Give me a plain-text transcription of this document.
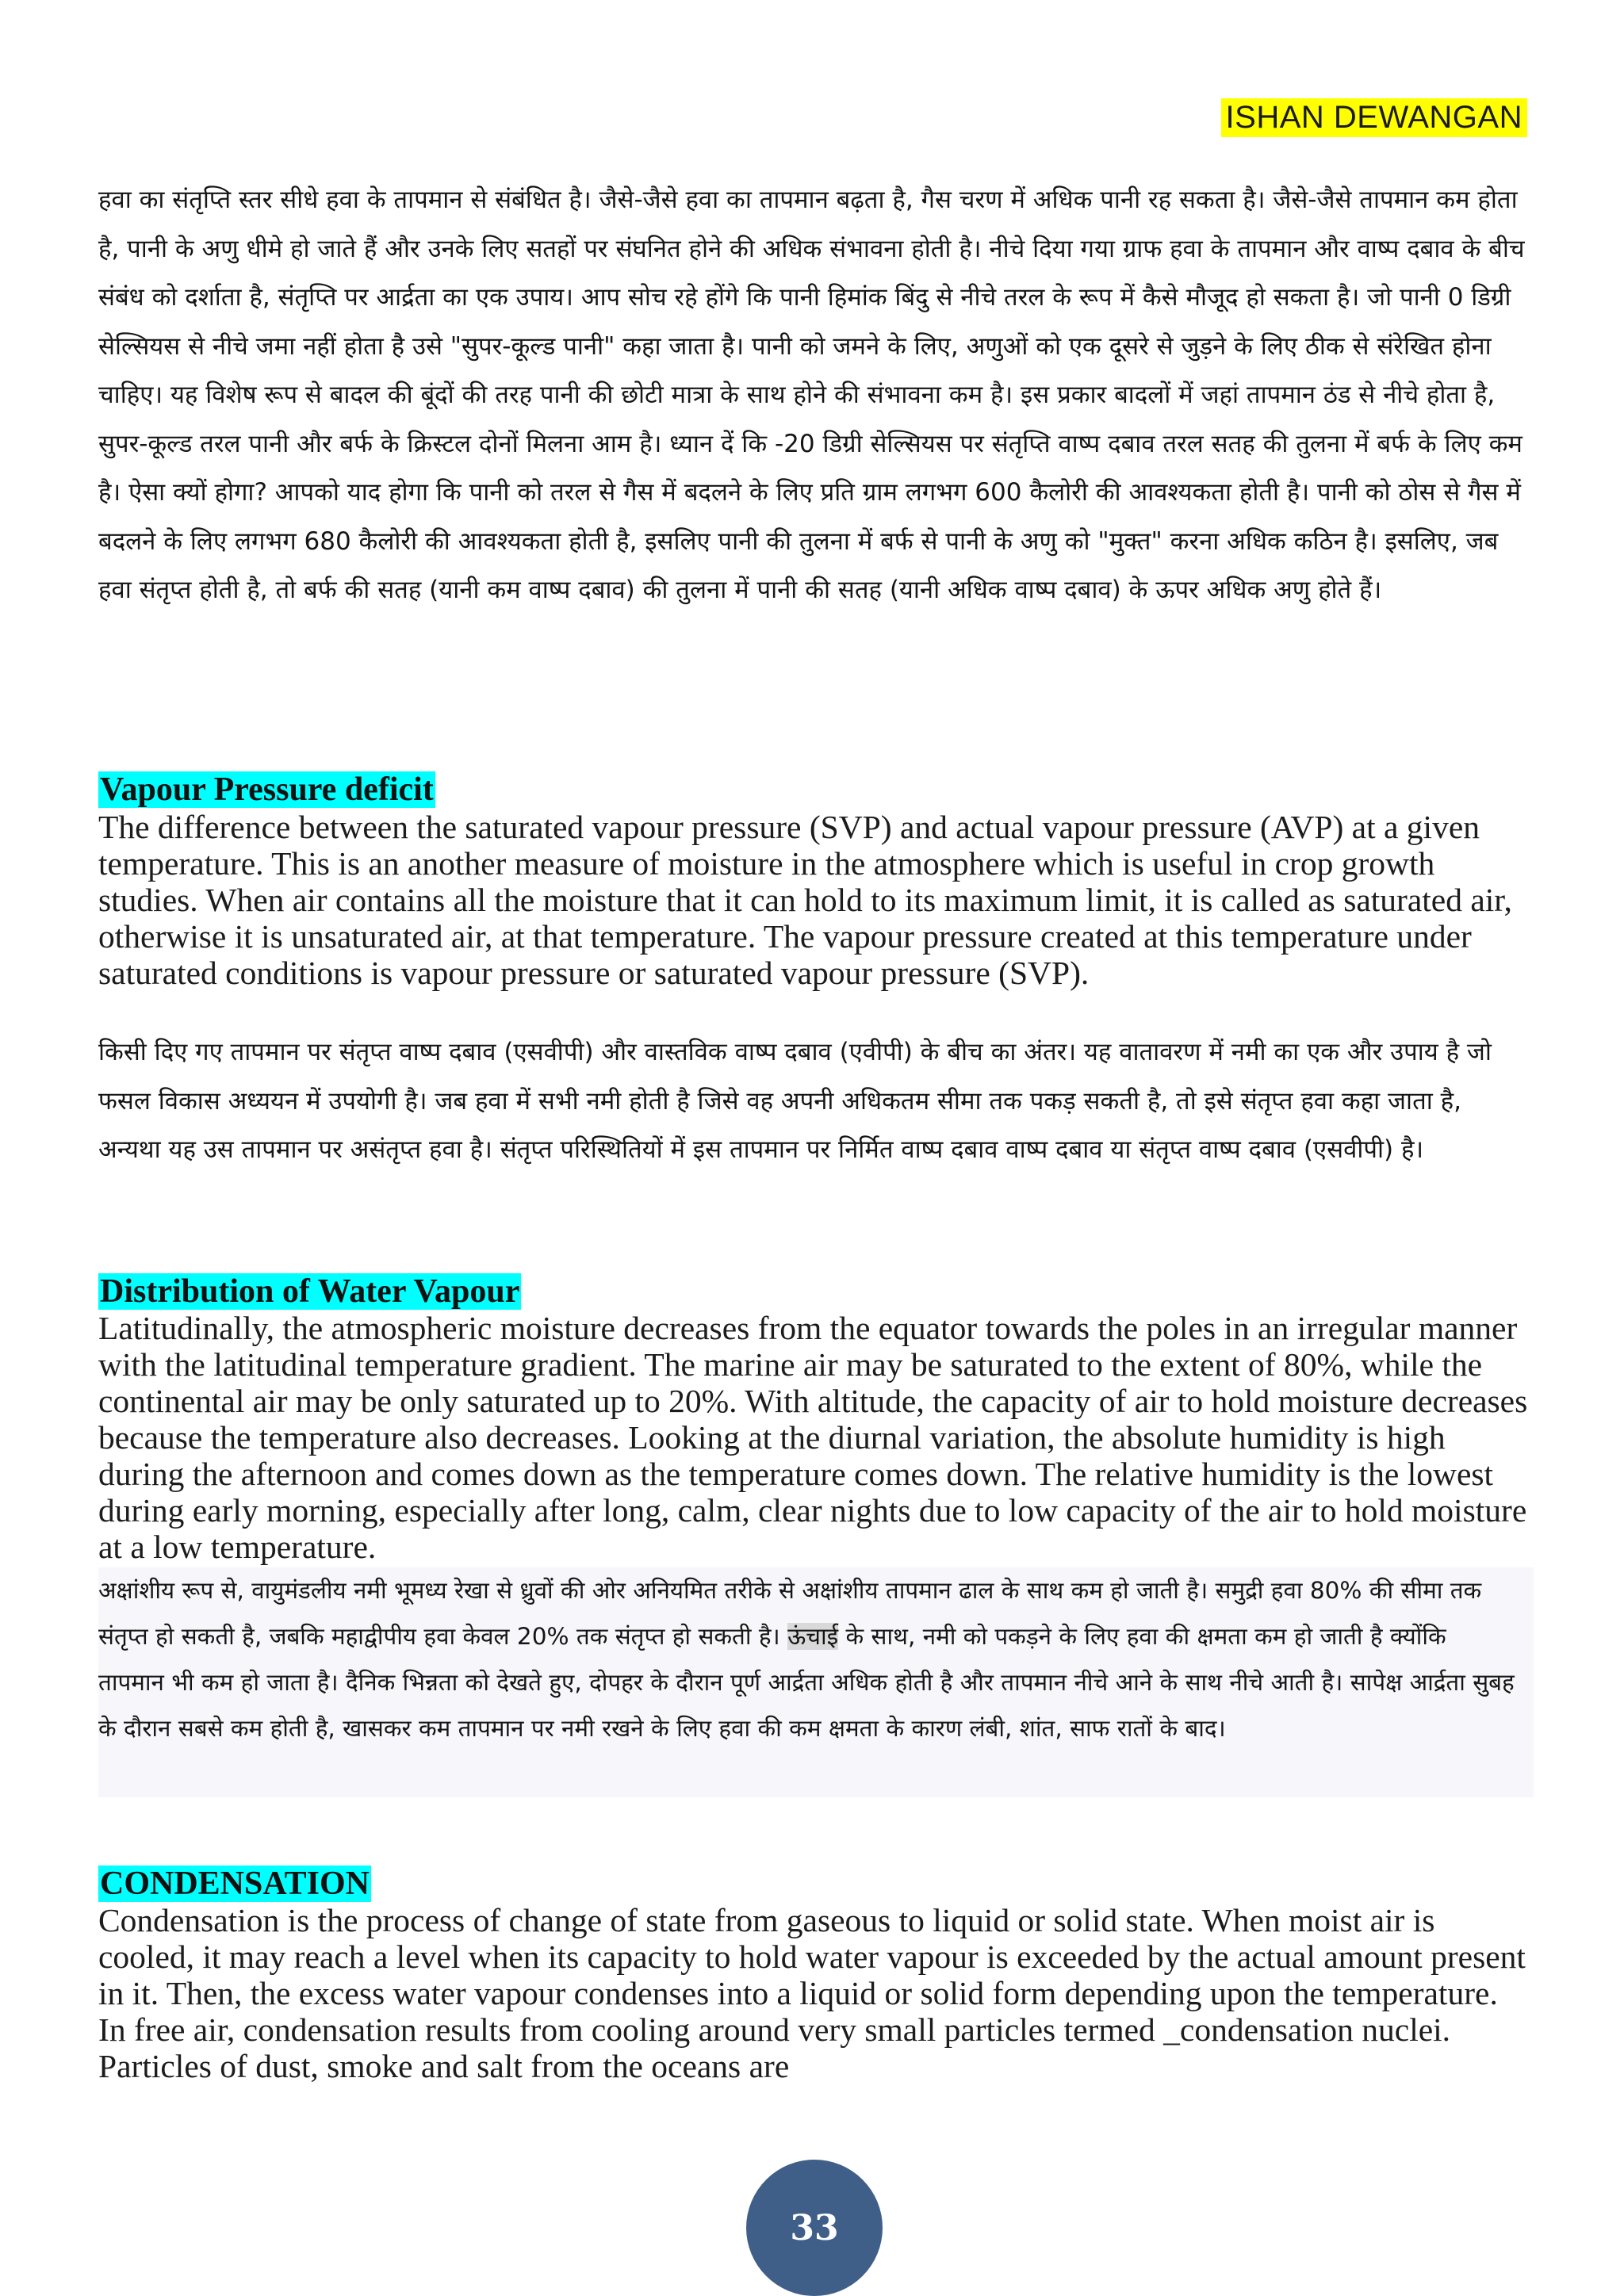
ISHAN DEWANGAN

हवा का संतृप्ति स्तर सीधे हवा के तापमान से संबंधित है। जैसे-जैसे हवा का तापमान बढ़ता है, गैस चरण में अधिक पानी रह सकता है। जैसे-जैसे तापमान कम होता है, पानी के अणु धीमे हो जाते हैं और उनके लिए सतहों पर संघनित होने की अधिक संभावना होती है। नीचे दिया गया ग्राफ हवा के तापमान और वाष्प दबाव के बीच संबंध को दर्शाता है, संतृप्ति पर आर्द्रता का एक उपाय। आप सोच रहे होंगे कि पानी हिमांक बिंदु से नीचे तरल के रूप में कैसे मौजूद हो सकता है। जो पानी 0 डिग्री सेल्सियस से नीचे जमा नहीं होता है उसे "सुपर-कूल्ड पानी" कहा जाता है। पानी को जमने के लिए, अणुओं को एक दूसरे से जुड़ने के लिए ठीक से संरेखित होना चाहिए। यह विशेष रूप से बादल की बूंदों की तरह पानी की छोटी मात्रा के साथ होने की संभावना कम है। इस प्रकार बादलों में जहां तापमान ठंड से नीचे होता है, सुपर-कूल्ड तरल पानी और बर्फ के क्रिस्टल दोनों मिलना आम है। ध्यान दें कि -20 डिग्री सेल्सियस पर संतृप्ति वाष्प दबाव तरल सतह की तुलना में बर्फ के लिए कम है। ऐसा क्यों होगा? आपको याद होगा कि पानी को तरल से गैस में बदलने के लिए प्रति ग्राम लगभग 600 कैलोरी की आवश्यकता होती है। पानी को ठोस से गैस में बदलने के लिए लगभग 680 कैलोरी की आवश्यकता होती है, इसलिए पानी की तुलना में बर्फ से पानी के अणु को "मुक्त" करना अधिक कठिन है। इसलिए, जब हवा संतृप्त होती है, तो बर्फ की सतह (यानी कम वाष्प दबाव) की तुलना में पानी की सतह (यानी अधिक वाष्प दबाव) के ऊपर अधिक अणु होते हैं।

Vapour Pressure deficit

The difference between the saturated vapour pressure (SVP) and actual vapour pressure (AVP) at a given temperature. This is an another measure of moisture in the atmosphere which is useful in crop growth studies. When air contains all the moisture that it can hold to its maximum limit, it is called as saturated air, otherwise it is unsaturated air, at that temperature. The vapour pressure created at this temperature under saturated conditions is vapour pressure or saturated vapour pressure (SVP).

किसी दिए गए तापमान पर संतृप्त वाष्प दबाव (एसवीपी) और वास्तविक वाष्प दबाव (एवीपी) के बीच का अंतर। यह वातावरण में नमी का एक और उपाय है जो फसल विकास अध्ययन में उपयोगी है। जब हवा में सभी नमी होती है जिसे वह अपनी अधिकतम सीमा तक पकड़ सकती है, तो इसे संतृप्त हवा कहा जाता है, अन्यथा यह उस तापमान पर असंतृप्त हवा है। संतृप्त परिस्थितियों में इस तापमान पर निर्मित वाष्प दबाव वाष्प दबाव या संतृप्त वाष्प दबाव (एसवीपी) है।

Distribution of Water Vapour

Latitudinally, the atmospheric moisture decreases from the equator towards the poles in an irregular manner with the latitudinal temperature gradient. The marine air may be saturated to the extent of 80%, while the continental air may be only saturated up to 20%. With altitude, the capacity of air to hold moisture decreases because the temperature also decreases. Looking at the diurnal variation, the absolute humidity is high during the afternoon and comes down as the temperature comes down. The relative humidity is the lowest during early morning, especially after long, calm, clear nights due to low capacity of the air to hold moisture at a low temperature.

अक्षांशीय रूप से, वायुमंडलीय नमी भूमध्य रेखा से ध्रुवों की ओर अनियमित तरीके से अक्षांशीय तापमान ढाल के साथ कम हो जाती है। समुद्री हवा 80% की सीमा तक संतृप्त हो सकती है, जबकि महाद्वीपीय हवा केवल 20% तक संतृप्त हो सकती है। ऊंचाई के साथ, नमी को पकड़ने के लिए हवा की क्षमता कम हो जाती है क्योंकि तापमान भी कम हो जाता है। दैनिक भिन्नता को देखते हुए, दोपहर के दौरान पूर्ण आर्द्रता अधिक होती है और तापमान नीचे आने के साथ नीचे आती है। सापेक्ष आर्द्रता सुबह के दौरान सबसे कम होती है, खासकर कम तापमान पर नमी रखने के लिए हवा की कम क्षमता के कारण लंबी, शांत, साफ रातों के बाद।

CONDENSATION

Condensation is the process of change of state from gaseous to liquid or solid state. When moist air is cooled, it may reach a level when its capacity to hold water vapour is exceeded by the actual amount present in it. Then, the excess water vapour condenses into a liquid or solid form depending upon the temperature. In free air, condensation results from cooling around very small particles termed _condensation nuclei. Particles of dust, smoke and salt from the oceans are

33
